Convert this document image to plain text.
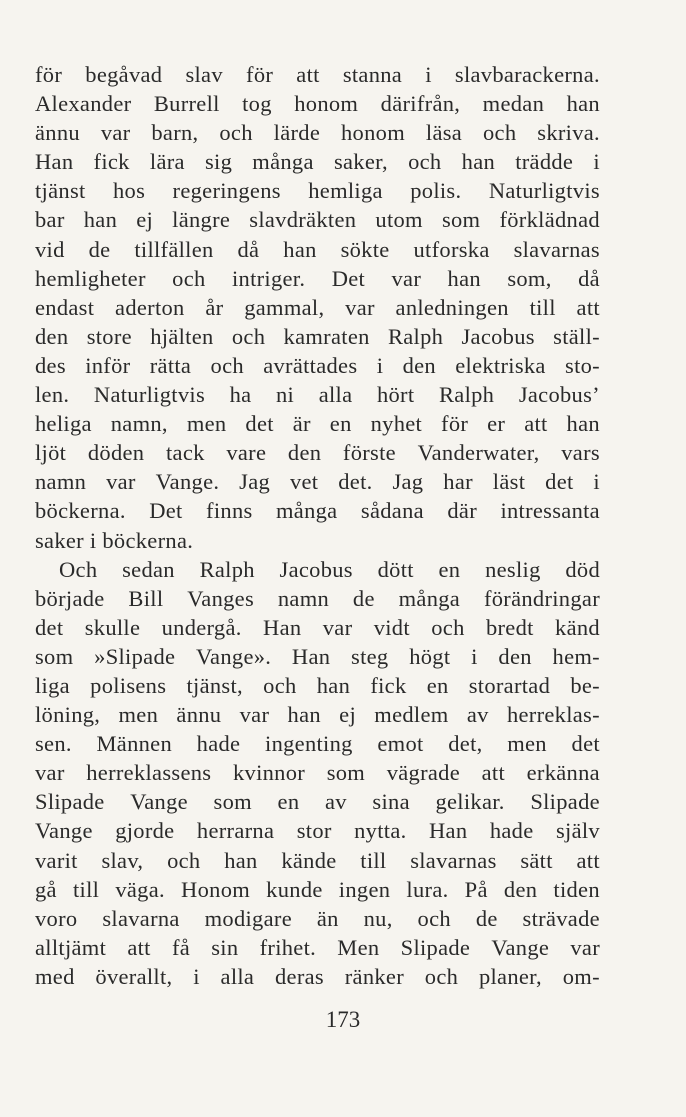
för begåvad slav för att stanna i slavbarackerna.
Alexander Burrell tog honom därifrån, medan han
ännu var barn, och lärde honom läsa och skriva.
Han fick lära sig många saker, och han trädde i
tjänst hos regeringens hemliga polis. Naturligtvis
bar han ej längre slavdräkten utom som förklädnad
vid de tillfällen då han sökte utforska slavarnas
hemligheter och intriger. Det var han som, då
endast aderton år gammal, var anledningen till att
den store hjälten och kamraten Ralph Jacobus ställ-
des inför rätta och avrättades i den elektriska sto-
len. Naturligtvis ha ni alla hört Ralph Jacobus’
heliga namn, men det är en nyhet för er att han
ljöt döden tack vare den förste Vanderwater, vars
namn var Vange. Jag vet det. Jag har läst det i
böckerna. Det finns många sådana där intressanta
saker i böckerna.
Och sedan Ralph Jacobus dött en neslig död
började Bill Vanges namn de många förändringar
det skulle undergå. Han var vidt och bredt känd
som »Slipade Vange». Han steg högt i den hem-
liga polisens tjänst, och han fick en storartad be-
löning, men ännu var han ej medlem av herreklas-
sen. Männen hade ingenting emot det, men det
var herreklassens kvinnor som vägrade att erkänna
Slipade Vange som en av sina gelikar. Slipade
Vange gjorde herrarna stor nytta. Han hade själv
varit slav, och han kände till slavarnas sätt att
gå till väga. Honom kunde ingen lura. På den tiden
voro slavarna modigare än nu, och de strävade
alltjämt att få sin frihet. Men Slipade Vange var
med överallt, i alla deras ränker och planer, om-
173
